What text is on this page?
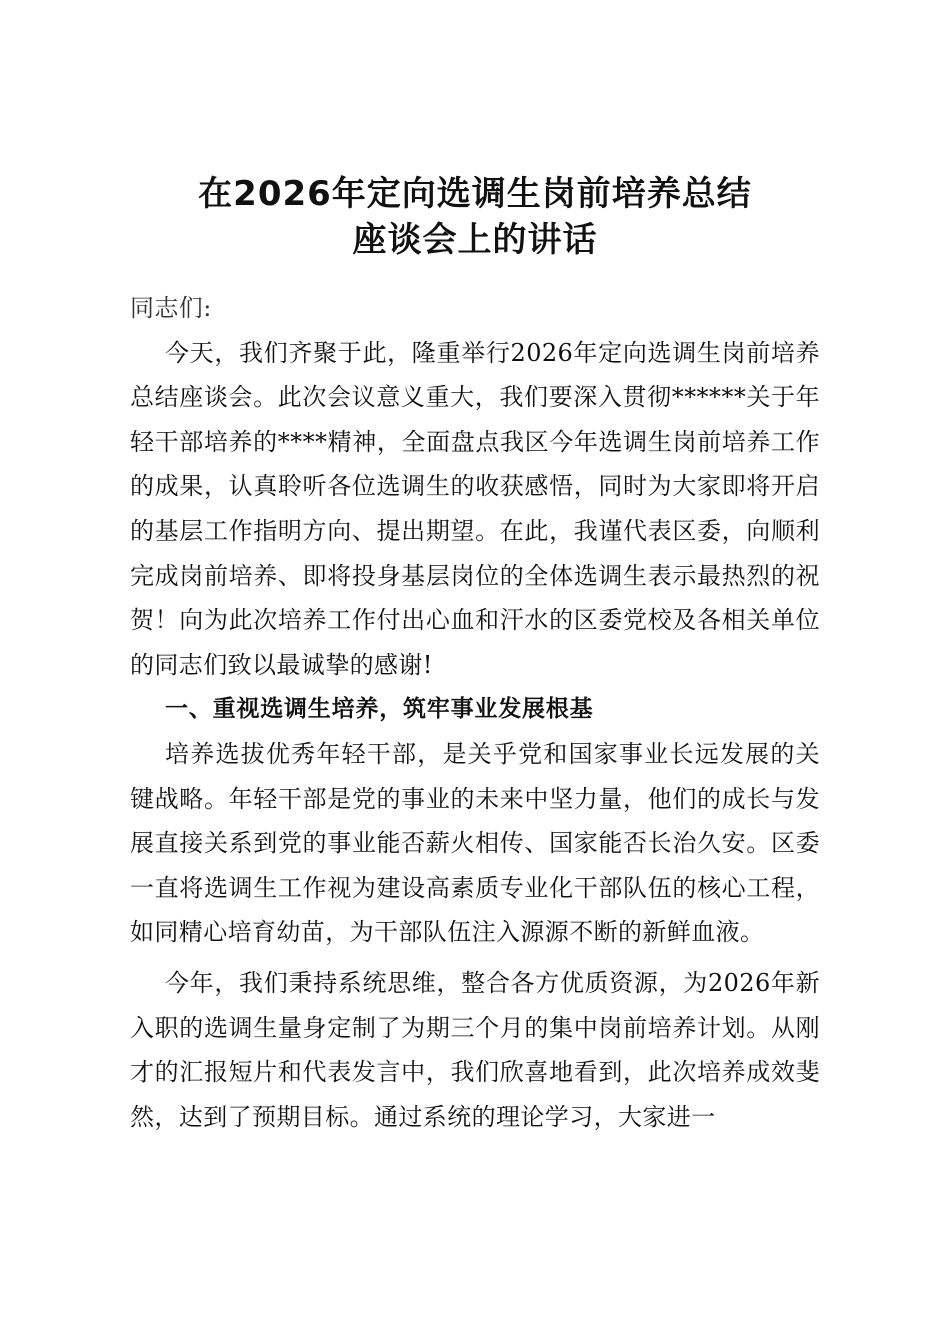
在2026年定向选调生岗前培养总结
座谈会上的讲话

同志们:

今天，我们齐聚于此，隆重举行2026年定向选调生岗前培养总结座谈会。此次会议意义重大，我们要深入贯彻******关于年轻干部培养的****精神，全面盘点我区今年选调生岗前培养工作的成果，认真聆听各位选调生的收获感悟，同时为大家即将开启的基层工作指明方向、提出期望。在此，我谨代表区委，向顺利完成岗前培养、即将投身基层岗位的全体选调生表示最热烈的祝贺！向为此次培养工作付出心血和汗水的区委党校及各相关单位的同志们致以最诚挚的感谢!

一、重视选调生培养，筑牢事业发展根基

培养选拔优秀年轻干部，是关乎党和国家事业长远发展的关键战略。年轻干部是党的事业的未来中坚力量，他们的成长与发展直接关系到党的事业能否薪火相传、国家能否长治久安。区委一直将选调生工作视为建设高素质专业化干部队伍的核心工程，如同精心培育幼苗，为干部队伍注入源源不断的新鲜血液。

今年，我们秉持系统思维，整合各方优质资源，为2026年新入职的选调生量身定制了为期三个月的集中岗前培养计划。从刚才的汇报短片和代表发言中，我们欣喜地看到，此次培养成效斐然，达到了预期目标。通过系统的理论学习，大家进一
